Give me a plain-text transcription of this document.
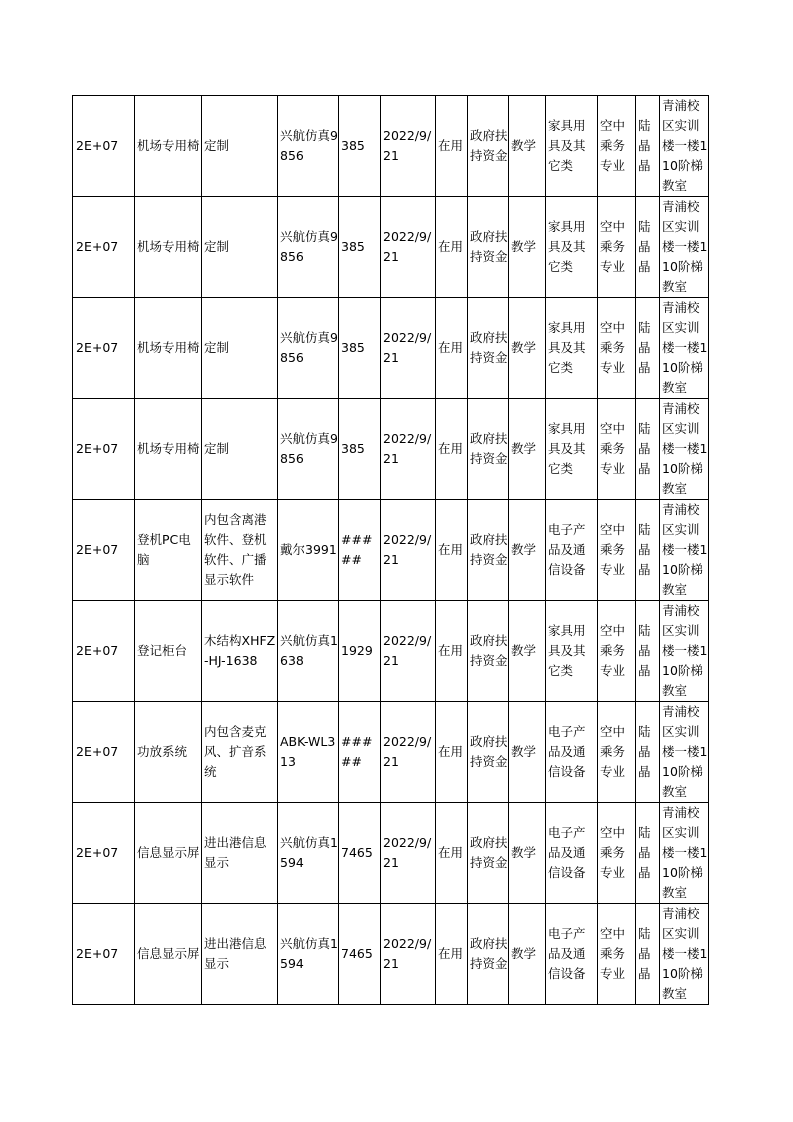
2E+07	机场专用椅	定制	兴航仿真9856	385	2022/9/21	在用	政府扶持资金	教学	家具用具及其它类	空中乘务专业	陆晶晶	青浦校区实训楼一楼110阶梯教室
2E+07	机场专用椅	定制	兴航仿真9856	385	2022/9/21	在用	政府扶持资金	教学	家具用具及其它类	空中乘务专业	陆晶晶	青浦校区实训楼一楼110阶梯教室
2E+07	机场专用椅	定制	兴航仿真9856	385	2022/9/21	在用	政府扶持资金	教学	家具用具及其它类	空中乘务专业	陆晶晶	青浦校区实训楼一楼110阶梯教室
2E+07	机场专用椅	定制	兴航仿真9856	385	2022/9/21	在用	政府扶持资金	教学	家具用具及其它类	空中乘务专业	陆晶晶	青浦校区实训楼一楼110阶梯教室
2E+07	登机PC电脑	内包含离港软件、登机软件、广播显示软件	戴尔3991	#####	2022/9/21	在用	政府扶持资金	教学	电子产品及通信设备	空中乘务专业	陆晶晶	青浦校区实训楼一楼110阶梯教室
2E+07	登记柜台	木结构XHFZ-HJ-1638	兴航仿真1638	1929	2022/9/21	在用	政府扶持资金	教学	家具用具及其它类	空中乘务专业	陆晶晶	青浦校区实训楼一楼110阶梯教室
2E+07	功放系统	内包含麦克风、扩音系统	ABK-WL313	#####	2022/9/21	在用	政府扶持资金	教学	电子产品及通信设备	空中乘务专业	陆晶晶	青浦校区实训楼一楼110阶梯教室
2E+07	信息显示屏	进出港信息显示	兴航仿真1594	7465	2022/9/21	在用	政府扶持资金	教学	电子产品及通信设备	空中乘务专业	陆晶晶	青浦校区实训楼一楼110阶梯教室
2E+07	信息显示屏	进出港信息显示	兴航仿真1594	7465	2022/9/21	在用	政府扶持资金	教学	电子产品及通信设备	空中乘务专业	陆晶晶	青浦校区实训楼一楼110阶梯教室
